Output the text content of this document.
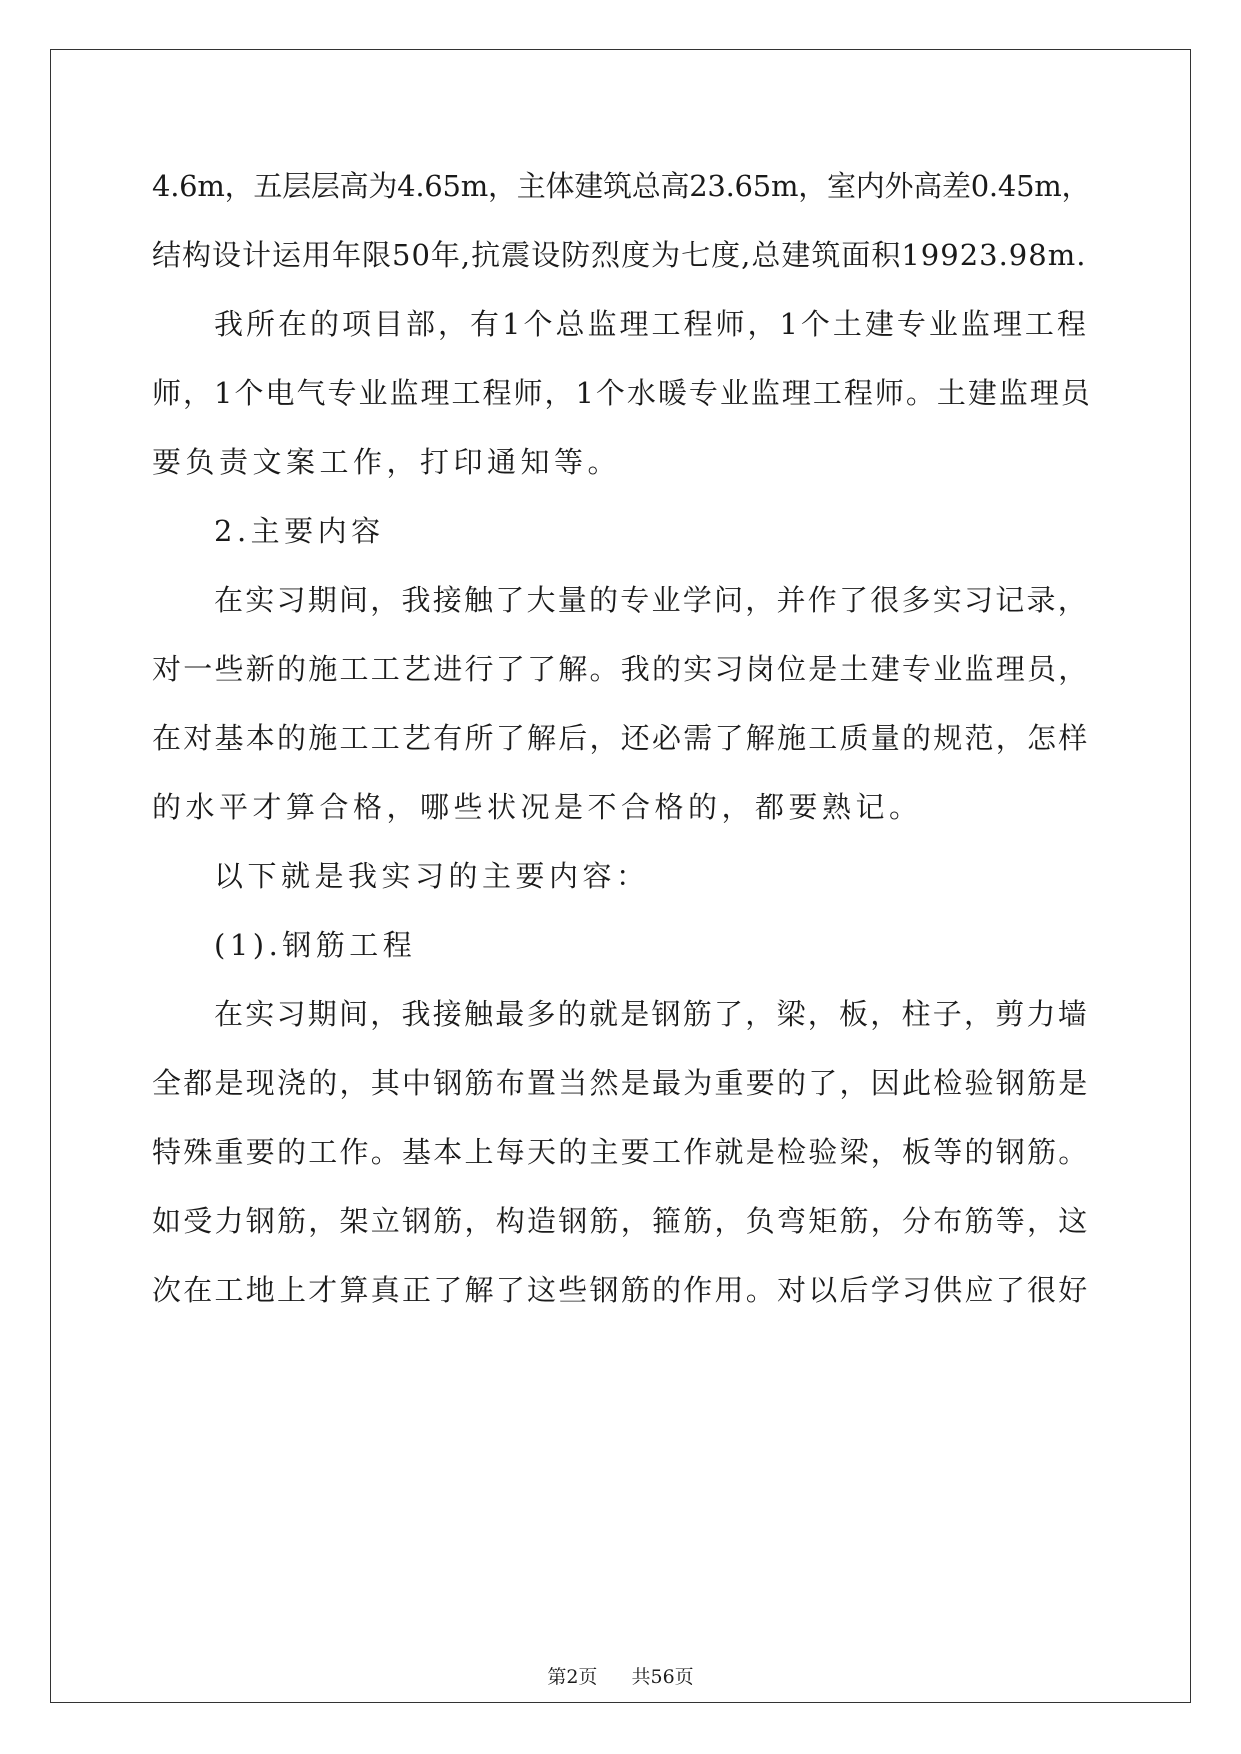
4.6m，五层层高为4.65m，主体建筑总高23.65m，室内外高差0.45m，
结构设计运用年限50年,抗震设防烈度为七度,总建筑面积19923.98m.
我所在的项目部，有1个总监理工程师，1个土建专业监理工程
师，1个电气专业监理工程师，1个水暖专业监理工程师。土建监理员
要负责文案工作，打印通知等。
2.主要内容
在实习期间，我接触了大量的专业学问，并作了很多实习记录，
对一些新的施工工艺进行了了解。我的实习岗位是土建专业监理员，
在对基本的施工工艺有所了解后，还必需了解施工质量的规范，怎样
的水平才算合格，哪些状况是不合格的，都要熟记。
以下就是我实习的主要内容：
(1).钢筋工程
在实习期间，我接触最多的就是钢筋了，梁，板，柱子，剪力墙
全都是现浇的，其中钢筋布置当然是最为重要的了，因此检验钢筋是
特殊重要的工作。基本上每天的主要工作就是检验梁，板等的钢筋。
如受力钢筋，架立钢筋，构造钢筋，箍筋，负弯矩筋，分布筋等，这
次在工地上才算真正了解了这些钢筋的作用。对以后学习供应了很好
第2页 共56页
